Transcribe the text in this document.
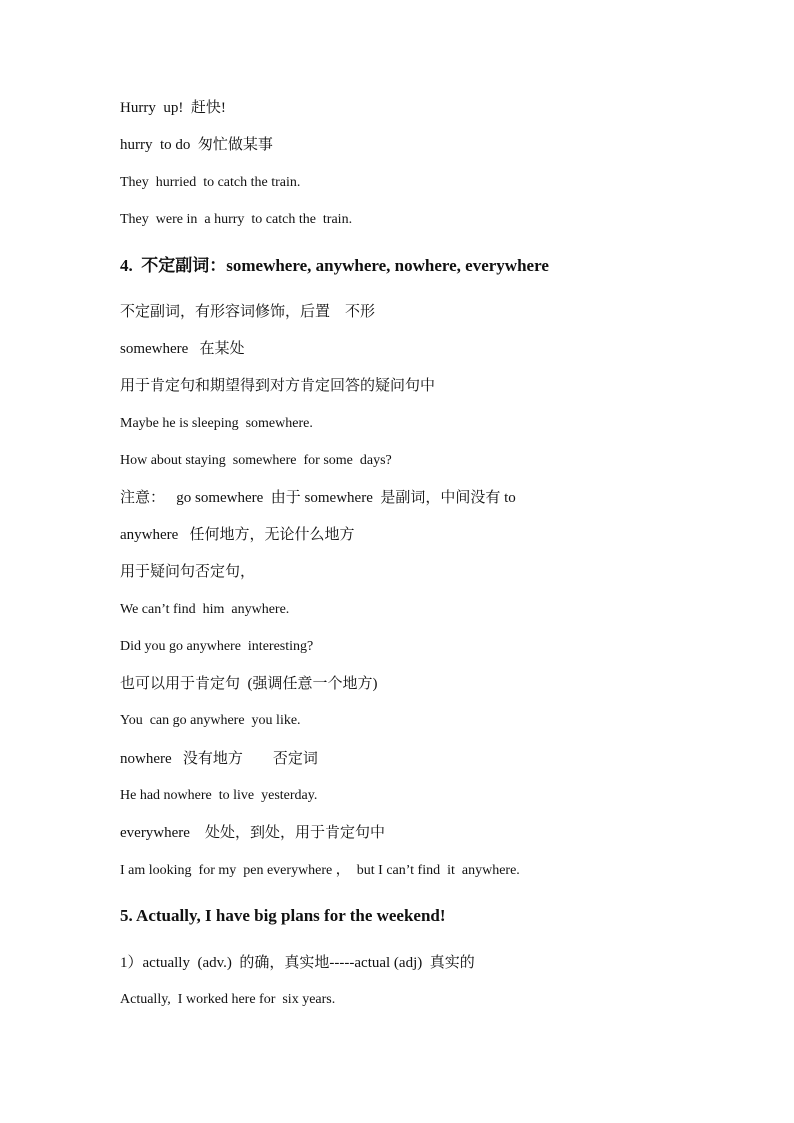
Hurry  up!  赶快!
hurry  to do  匆忙做某事
They  hurried  to catch the train.
They  were in  a hurry  to catch the  train.
4.  不定副词：somewhere, anywhere, nowhere, everywhere
不定副词，有形容词修饰，后置    不形
somewhere   在某处
用于肯定句和期望得到对方肯定回答的疑问句中
Maybe he is sleeping  somewhere.
How about staying  somewhere  for some  days?
注意：   go somewhere  由于 somewhere  是副词，中间没有 to
anywhere   任何地方，无论什么地方
用于疑问句否定句，
We can’t find  him  anywhere.
Did you go anywhere  interesting?
也可以用于肯定句  (强调任意一个地方)
You  can go anywhere  you like.
nowhere   没有地方        否定词
He had nowhere  to live  yesterday.
everywhere    处处，到处，用于肯定句中
I am looking  for my  pen everywhere ，  but I can’t find  it  anywhere.
5. Actually, I have big plans for the weekend!
1）actually  (adv.)  的确，真实地-----actual (adj)  真实的
Actually,  I worked here for  six years.
